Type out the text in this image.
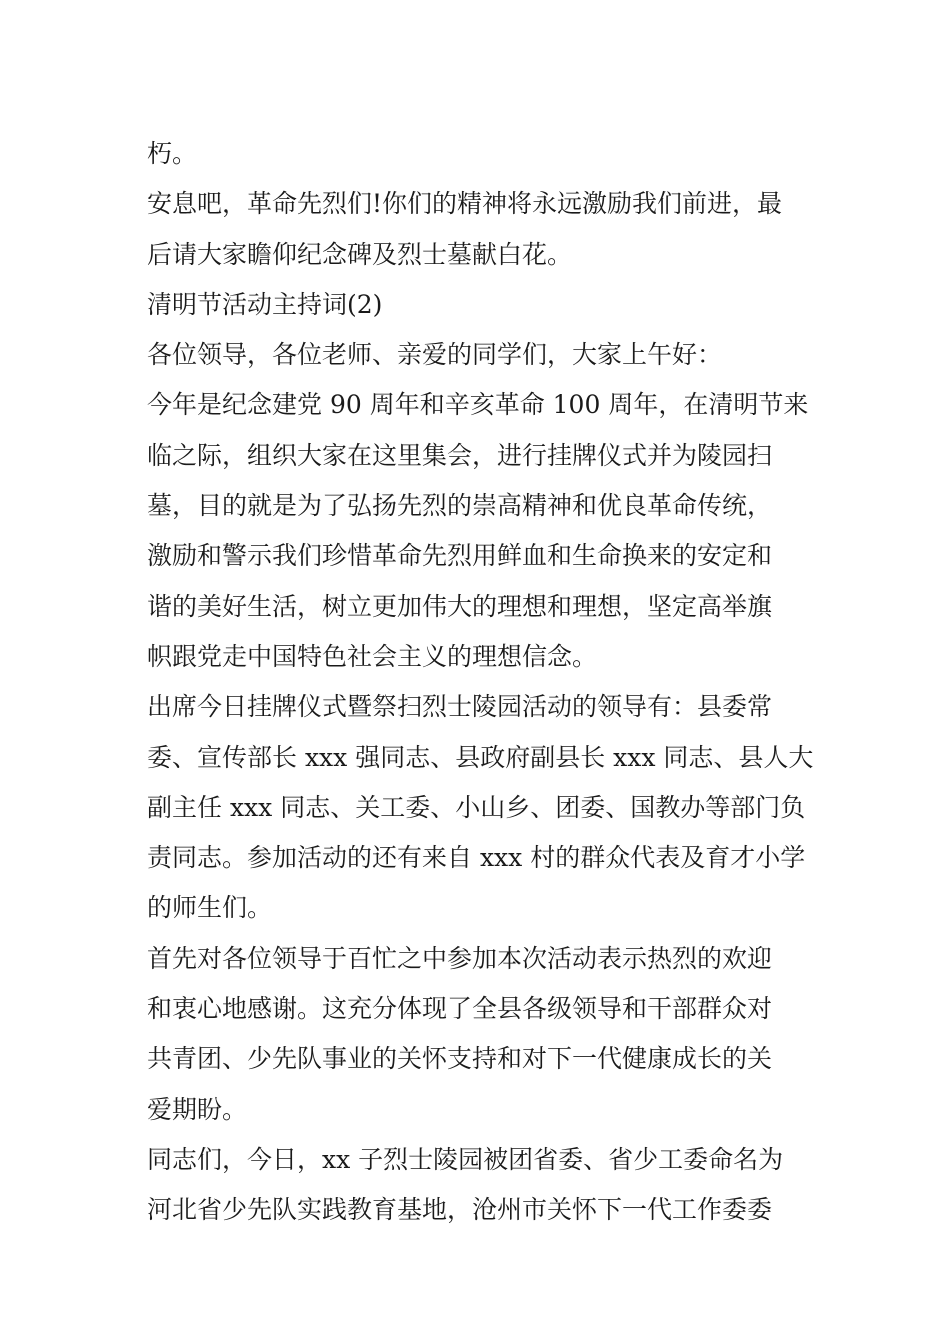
朽。

安息吧，革命先烈们!你们的精神将永远激励我们前进，最
后请大家瞻仰纪念碑及烈士墓献白花。

清明节活动主持词(2)

各位领导，各位老师、亲爱的同学们，大家上午好：

今年是纪念建党 90 周年和辛亥革命 100 周年，在清明节来
临之际，组织大家在这里集会，进行挂牌仪式并为陵园扫
墓，目的就是为了弘扬先烈的崇高精神和优良革命传统，
激励和警示我们珍惜革命先烈用鲜血和生命换来的安定和
谐的美好生活，树立更加伟大的理想和理想，坚定高举旗
帜跟党走中国特色社会主义的理想信念。

出席今日挂牌仪式暨祭扫烈士陵园活动的领导有：县委常
委、宣传部长 xxx 强同志、县政府副县长 xxx 同志、县人大
副主任 xxx 同志、关工委、小山乡、团委、国教办等部门负
责同志。参加活动的还有来自 xxx 村的群众代表及育才小学
的师生们。

首先对各位领导于百忙之中参加本次活动表示热烈的欢迎
和衷心地感谢。这充分体现了全县各级领导和干部群众对
共青团、少先队事业的关怀支持和对下一代健康成长的关
爱期盼。

同志们，今日，xx 子烈士陵园被团省委、省少工委命名为
河北省少先队实践教育基地，沧州市关怀下一代工作委委
